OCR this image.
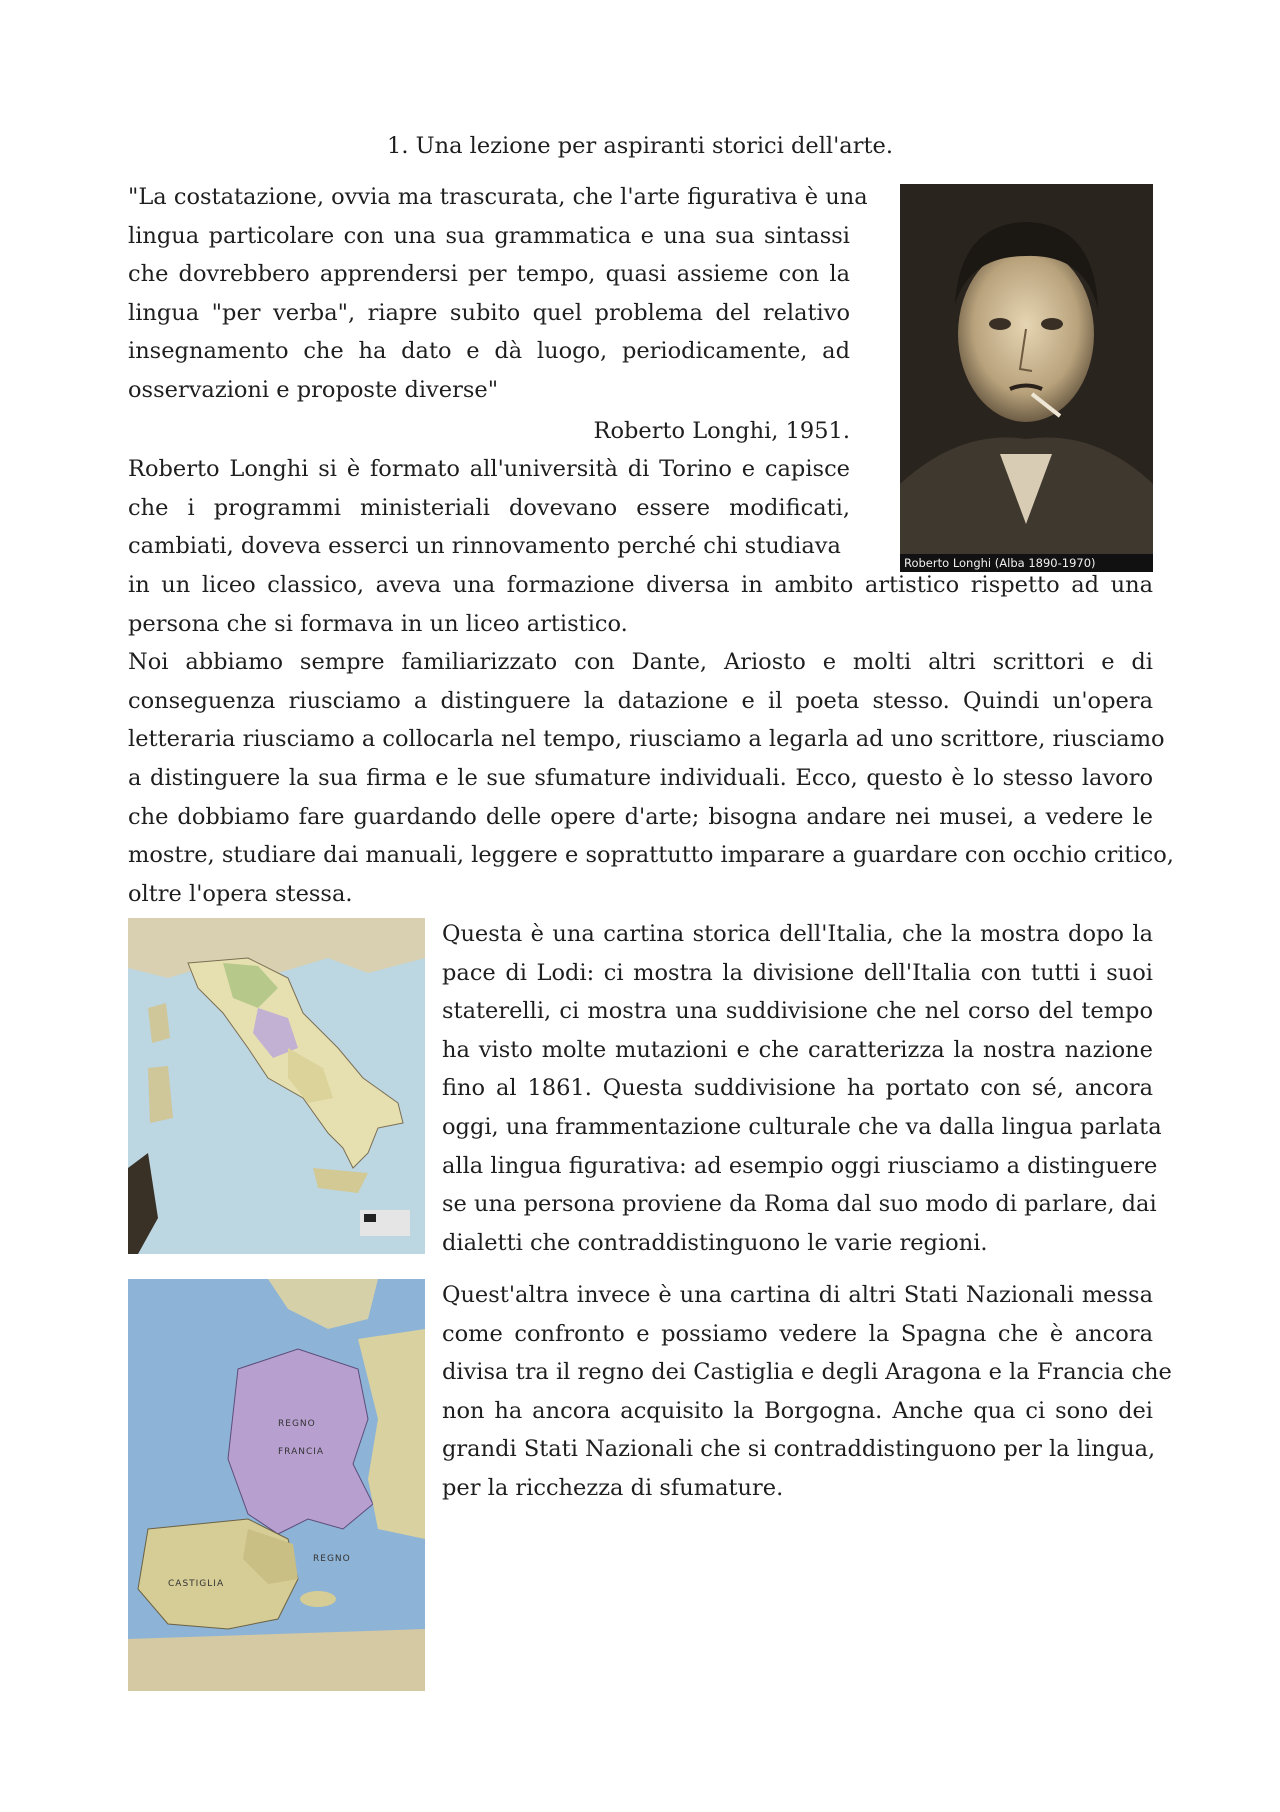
1. Una lezione per aspiranti storici dell'arte.
"La costatazione, ovvia ma trascurata, che l'arte figurativa è una
lingua particolare con una sua grammatica e una sua sintassi
che dovrebbero apprendersi per tempo, quasi assieme con la
lingua "per verba", riapre subito quel problema del relativo
insegnamento che ha dato e dà luogo, periodicamente, ad
osservazioni e proposte diverse"
Roberto Longhi, 1951.
Roberto Longhi si è formato all'università di Torino e capisce
che i programmi ministeriali dovevano essere modificati,
cambiati, doveva esserci un rinnovamento perché chi studiava
in un liceo classico, aveva una formazione diversa in ambito artistico rispetto ad una
persona che si formava in un liceo artistico.
Noi abbiamo sempre familiarizzato con Dante, Ariosto e molti altri scrittori e di
conseguenza riusciamo a distinguere la datazione e il poeta stesso. Quindi un'opera
letteraria riusciamo a collocarla nel tempo, riusciamo a legarla ad uno scrittore, riusciamo
a distinguere la sua firma e le sue sfumature individuali. Ecco, questo è lo stesso lavoro
che dobbiamo fare guardando delle opere d'arte; bisogna andare nei musei, a vedere le
mostre, studiare dai manuali, leggere e soprattutto imparare a guardare con occhio critico,
oltre l'opera stessa.
Roberto Longhi (Alba 1890-1970)
REGNO
FRANCIA
CASTIGLIA
REGNO
Questa è una cartina storica dell'Italia, che la mostra dopo la
pace di Lodi: ci mostra la divisione dell'Italia con tutti i suoi
staterelli, ci mostra una suddivisione che nel corso del tempo
ha visto molte mutazioni e che caratterizza la nostra nazione
fino al 1861. Questa suddivisione ha portato con sé, ancora
oggi, una frammentazione culturale che va dalla lingua parlata
alla lingua figurativa: ad esempio oggi riusciamo a distinguere
se una persona proviene da Roma dal suo modo di parlare, dai
dialetti che contraddistinguono le varie regioni.
Quest'altra invece è una cartina di altri Stati Nazionali messa
come confronto e possiamo vedere la Spagna che è ancora
divisa tra il regno dei Castiglia e degli Aragona e la Francia che
non ha ancora acquisito la Borgogna. Anche qua ci sono dei
grandi Stati Nazionali che si contraddistinguono per la lingua,
per la ricchezza di sfumature.
